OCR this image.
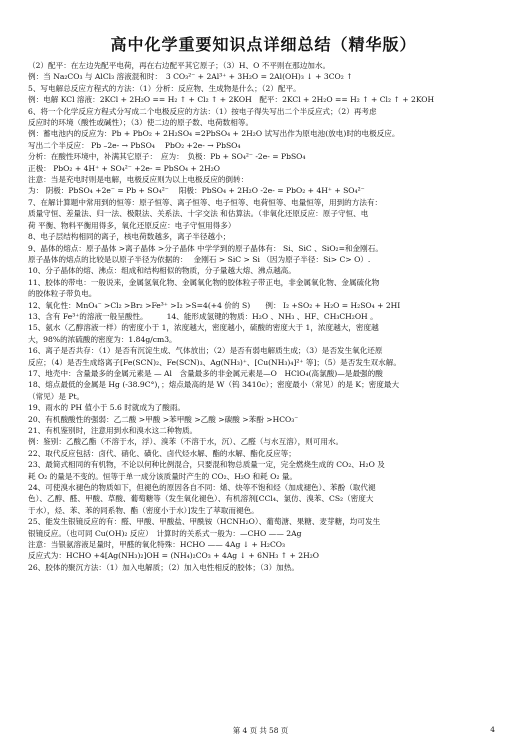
高中化学重要知识点详细总结（精华版）
（2）配平：在左边先配平电荷，再在右边配平其它原子；（3）H、O 不平则在那边加水。
例：当 Na₂CO₃ 与 AlCl₃ 溶液混和时：　3 CO₃²⁻ + 2Al³⁺ + 3H₂O = 2Al(OH)₃ ↓ + 3CO₂ ↑
5、写电解总反应方程式的方法：（1）分析：反应物、生成物是什么；（2）配平。
例：电解 KCl 溶液：2KCl + 2H₂O == H₂ ↑ + Cl₂ ↑ + 2KOH　配平：2KCl + 2H₂O == H₂ ↑ + Cl₂ ↑ + 2KOH
6、将一个化学反应方程式分写成二个电极反应的方法：（1）按电子得失写出二个半反应式；（2）再考虑
反应时的环境（酸性或碱性）；（3）使二边的原子数、电荷数相等。
例：蓄电池内的反应为：Pb + PbO₂ + 2H₂SO₄ =2PbSO₄ + 2H₂O 试写出作为原电池(放电)时的电极反应。
写出二个半反应： Pb –2e- → PbSO₄　 PbO₂ +2e- → PbSO₄
分析：在酸性环境中，补满其它原子：　应为：　负极：Pb + SO₄²⁻ -2e- = PbSO₄
正极： PbO₂ + 4H⁺ + SO₄²⁻ +2e- = PbSO₄ + 2H₂O
注意：当是充电时则是电解，电极反应则为以上电极反应的倒转：
为： 阴极：PbSO₄ +2e⁻ = Pb + SO₄²⁻　 阳极：PbSO₄ + 2H₂O -2e- = PbO₂ + 4H⁺ + SO₄²⁻
7、在解计算题中常用到的恒等：原子恒等、离子恒等、电子恒等、电荷恒等、电量恒等，用到的方法有：
质量守恒、差量法、归一法、极限法、关系法、十字交法 和估算法。（非氧化还原反应：原子守恒、电
荷 平衡、物料平衡用得多，氧化还原反应：电子守恒用得多）
8、电子层结构相同的离子，核电荷数越多，离子半径越小；
9、晶体的熔点：原子晶体 >离子晶体 >分子晶体 中学学到的原子晶体有： Si、SiC 、SiO₂=和金刚石。
原子晶体的熔点的比较是以原子半径为依据的：　 金刚石 > SiC > Si （因为原子半径：Si> C> O）.
10、分子晶体的熔、沸点：组成和结构相似的物质，分子量越大熔、沸点越高。
11、胶体的带电：一般说来，金属氢氧化物、金属氧化物的胶体粒子带正电，非金属氧化物、金属硫化物
的胶体粒子带负电。
12、氧化性：MnO₄⁻ >Cl₂ >Br₂ >Fe³⁺ >I₂ >S=4(+4 价的 S)　　例： I₂ +SO₂ + H₂O = H₂SO₄ + 2HI
13、含有 Fe³⁺的溶液一般呈酸性。　　　14、能形成氢键的物质：H₂O 、NH₃ 、HF、CH₃CH₂OH 。
15、氨水（乙醇溶液一样）的密度小于 1，浓度越大，密度越小，硫酸的密度大于 1，浓度越大，密度越
大，98%的浓硫酸的密度为：1.84g/cm3。
16、离子是否共存：（1）是否有沉淀生成、气体放出；（2）是否有弱电解质生成；（3）是否发生氧化还原
反应；（4）是否生成络离子[Fe(SCN)₂、Fe(SCN)₃、Ag(NH₃)⁺、[Cu(NH₃)₄]²⁺ 等]；（5）是否发生双水解。
17、地壳中：含量最多的金属元素是 — Al　含量最多的非金属元素是—O　HClO₄(高氯酸)—是最强的酸
18、熔点最低的金属是 Hg (-38.9C°)，；熔点最高的是 W（钨 3410c）；密度最小（常见）的是 K；密度最大
（常见）是 Pt。
19、雨水的 PH 值小于 5.6 时就成为了酸雨。
20、有机酸酸性的强弱：乙二酸 >甲酸 >苯甲酸 >乙酸 >碳酸 >苯酚 >HCO₃⁻
21、有机鉴别时，注意用到水和溴水这二种物质。
例：鉴别：乙酸乙酯（不溶于水，浮）、溴苯（不溶于水，沉）、乙醛（与水互溶），则可用水。
22、取代反应包括：卤代、硝化、磺化、卤代烃水解、酯的水解、酯化反应等；
23、最简式相同的有机物，不论以何种比例混合，只要混和物总质量一定，完全燃烧生成的 CO₂、H₂O 及
耗 O₂ 的量是不变的。恒等于单一成分该质量时产生的 CO₂、H₂O 和耗 O₂ 量。
24、可使溴水褪色的物质如下，但褪色的原因各自不同：烯、炔等不饱和烃（加成褪色）、苯酚（取代褪
色）、乙醇、醛、甲酸、草酸、葡萄糖等（发生氧化褪色）、有机溶剂[CCl₄、氯仿、溴苯、CS₂（密度大
于水），烃、苯、苯的同系物、酯（密度小于水）]发生了萃取而褪色。
25、能发生银镜反应的有：醛、甲酸、甲酸盐、甲酰铵（HCNH₂O）、葡萄溏、果糖、麦芽糖，均可发生
银镜反应。（也可同 Cu(OH)₂ 反应）　计算时的关系式一般为：—CHO —— 2Ag
注意：当银氨溶液足量时，甲醛的氧化特殊：HCHO —— 4Ag ↓ + H₂CO₃
反应式为：HCHO +4[Ag(NH₃)₂]OH = (NH₄)₂CO₃ + 4Ag ↓ + 6NH₃ ↑ + 2H₂O
26、胶体的聚沉方法：（1）加入电解质；（2）加入电性相反的胶体；（3）加热。
第 4 页 共 58 页	4
